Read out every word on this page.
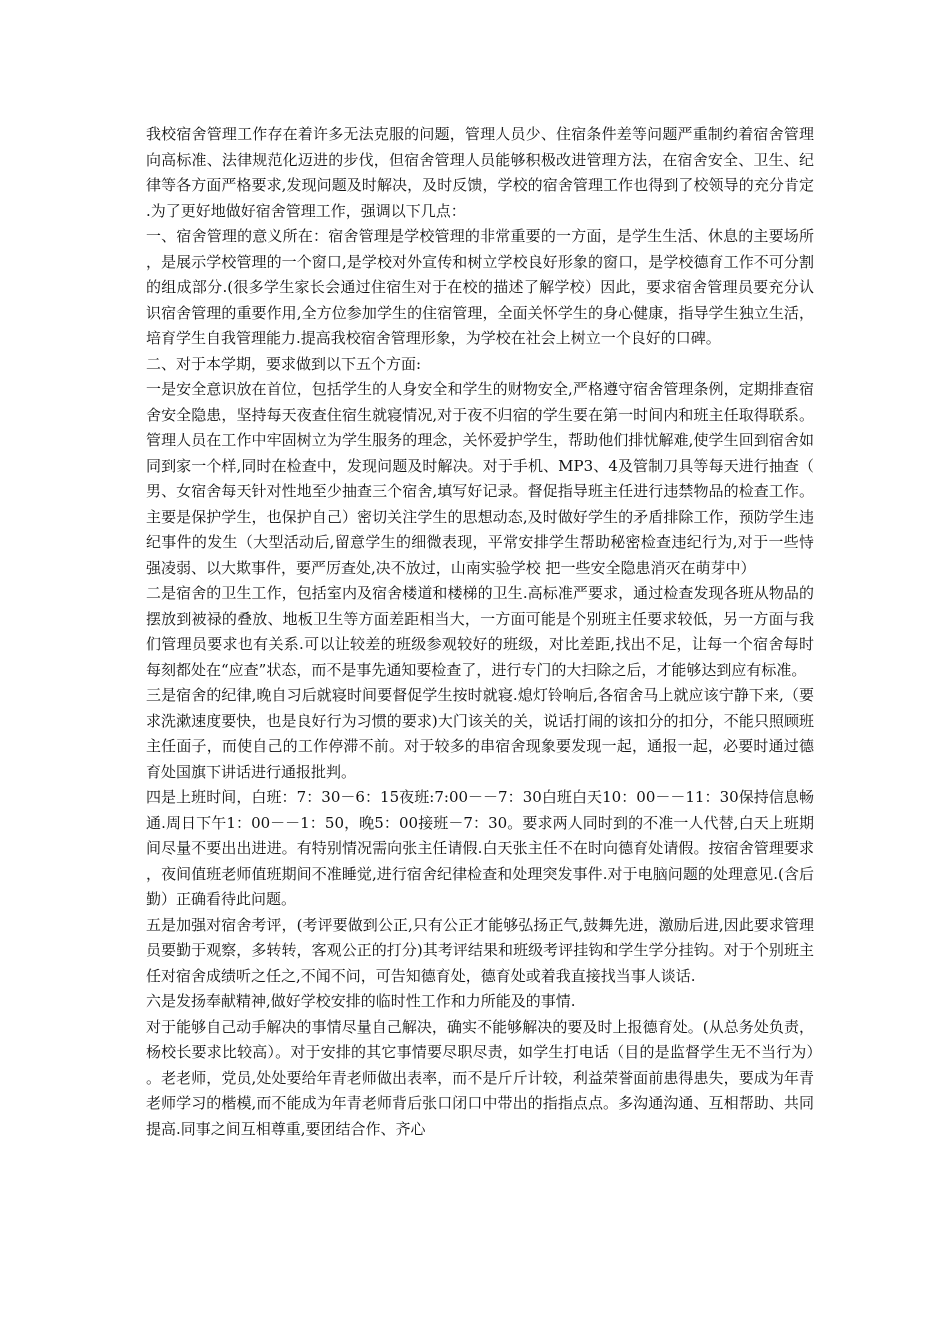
我校宿舍管理工作存在着许多无法克服的问题，管理人员少、住宿条件差等问题严重制约着宿舍管理向高标准、法律规范化迈进的步伐，但宿舍管理人员能够积极改进管理方法，在宿舍安全、卫生、纪律等各方面严格要求,发现问题及时解决，及时反馈，学校的宿舍管理工作也得到了校领导的充分肯定.为了更好地做好宿舍管理工作，强调以下几点：

一、宿舍管理的意义所在：宿舍管理是学校管理的非常重要的一方面，是学生生活、休息的主要场所，是展示学校管理的一个窗口,是学校对外宣传和树立学校良好形象的窗口，是学校德育工作不可分割的组成部分.(很多学生家长会通过住宿生对于在校的描述了解学校）因此，要求宿舍管理员要充分认识宿舍管理的重要作用,全方位参加学生的住宿管理，全面关怀学生的身心健康，指导学生独立生活，培育学生自我管理能力.提高我校宿舍管理形象，为学校在社会上树立一个良好的口碑。

二、对于本学期，要求做到以下五个方面:

一是安全意识放在首位，包括学生的人身安全和学生的财物安全,严格遵守宿舍管理条例，定期排查宿舍安全隐患，坚持每天夜查住宿生就寝情况,对于夜不归宿的学生要在第一时间内和班主任取得联系。管理人员在工作中牢固树立为学生服务的理念，关怀爱护学生，帮助他们排忧解难,使学生回到宿舍如同到家一个样,同时在检查中，发现问题及时解决。对于手机、MP3、4及管制刀具等每天进行抽查（男、女宿舍每天针对性地至少抽查三个宿舍,填写好记录。督促指导班主任进行违禁物品的检查工作。主要是保护学生，也保护自己）密切关注学生的思想动态,及时做好学生的矛盾排除工作，预防学生违纪事件的发生（大型活动后,留意学生的细微表现，平常安排学生帮助秘密检查违纪行为,对于一些恃强凌弱、以大欺事件，要严厉查处,决不放过，山南实验学校 把一些安全隐患消灭在萌芽中）

二是宿舍的卫生工作，包括室内及宿舍楼道和楼梯的卫生.高标准严要求，通过检查发现各班从物品的摆放到被禄的叠放、地板卫生等方面差距相当大，一方面可能是个别班主任要求较低，另一方面与我们管理员要求也有关系.可以让较差的班级参观较好的班级，对比差距,找出不足，让每一个宿舍每时每刻都处在“应查”状态，而不是事先通知要检查了，进行专门的大扫除之后，才能够达到应有标准。

三是宿舍的纪律,晚自习后就寝时间要督促学生按时就寝.熄灯铃响后,各宿舍马上就应该宁静下来,（要求洗漱速度要快，也是良好行为习惯的要求)大门该关的关，说话打闹的该扣分的扣分，不能只照顾班主任面子，而使自己的工作停滞不前。对于较多的串宿舍现象要发现一起，通报一起，必要时通过德育处国旗下讲话进行通报批判。

四是上班时间，白班：7：30－6：15夜班:7:00－－7：30白班白天10：00－－11：30保持信息畅通.周日下午1：00－－1：50，晚5：00接班－7：30。要求两人同时到的不准一人代替,白天上班期间尽量不要出出进进。有特别情况需向张主任请假.白天张主任不在时向德育处请假。按宿舍管理要求，夜间值班老师值班期间不准睡觉,进行宿舍纪律检查和处理突发事件.对于电脑问题的处理意见.(含后勤）正确看待此问题。

五是加强对宿舍考评，(考评要做到公正,只有公正才能够弘扬正气,鼓舞先进，激励后进,因此要求管理员要勤于观察，多转转，客观公正的打分)其考评结果和班级考评挂钩和学生学分挂钩。对于个别班主任对宿舍成绩听之任之,不闻不问，可告知德育处，德育处或着我直接找当事人谈话.

六是发扬奉献精神,做好学校安排的临时性工作和力所能及的事情.

对于能够自己动手解决的事情尽量自己解决，确实不能够解决的要及时上报德育处。(从总务处负责，杨校长要求比较高）。对于安排的其它事情要尽职尽责，如学生打电话（目的是监督学生无不当行为）。老老师，党员,处处要给年青老师做出表率，而不是斤斤计较，利益荣誉面前患得患失，要成为年青老师学习的楷模,而不能成为年青老师背后张口闭口中带出的指指点点。多沟通沟通、互相帮助、共同提高.同事之间互相尊重,要团结合作、齐心
